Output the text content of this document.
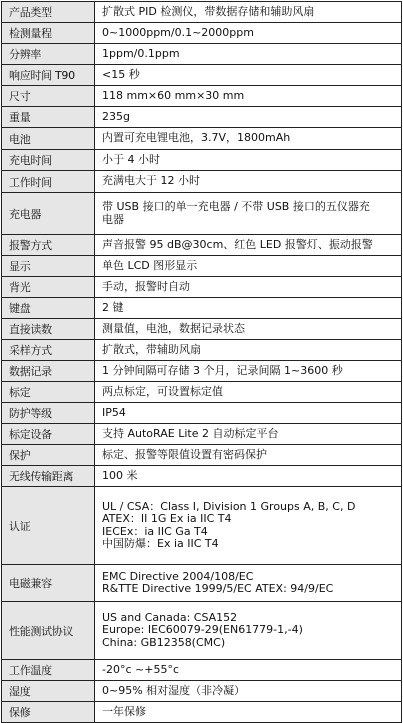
产品类型	扩散式 PID 检测仪，带数据存储和辅助风扇

检测量程	0~1000ppm/0.1~2000ppm

分辨率	1ppm/0.1ppm

响应时间 T90	<15 秒

尺寸	118 mm×60 mm×30 mm

重量	235g

电池	内置可充电锂电池，3.7V，1800mAh

充电时间	小于 4 小时

工作时间	充满电大于 12 小时

充电器	带 USB 接口的单一充电器 / 不带 USB 接口的五仪器充
电器

报警方式	声音报警 95 dB@30cm、红色 LED 报警灯、振动报警

显示	单色 LCD 图形显示

背光	手动，报警时自动

键盘	2 键

直接读数	测量值，电池，数据记录状态

采样方式	扩散式，带辅助风扇

数据记录	1 分钟间隔可存储 3 个月，记录间隔 1~3600 秒

标定	两点标定，可设置标定值

防护等级	IP54

标定设备	支持 AutoRAE Lite 2 自动标定平台

保护	标定、报警等限值设置有密码保护

无线传输距离	100 米

认证	UL / CSA：Class I, Division 1 Groups A, B, C, D
ATEX：II 1G Ex ia IIC T4
IECEx：ia IIC Ga T4
中国防爆：Ex ia IIC T4

电磁兼容	EMC Directive 2004/108/EC
R&TTE Directive 1999/5/EC ATEX: 94/9/EC

性能测试协议	US and Canada: CSA152
Europe: IEC60079-29(EN61779-1,-4)
China: GB12358(CMC)

工作温度	-20°c ~+55°c

湿度	0~95% 相对湿度（非冷凝）

保修	一年保修
